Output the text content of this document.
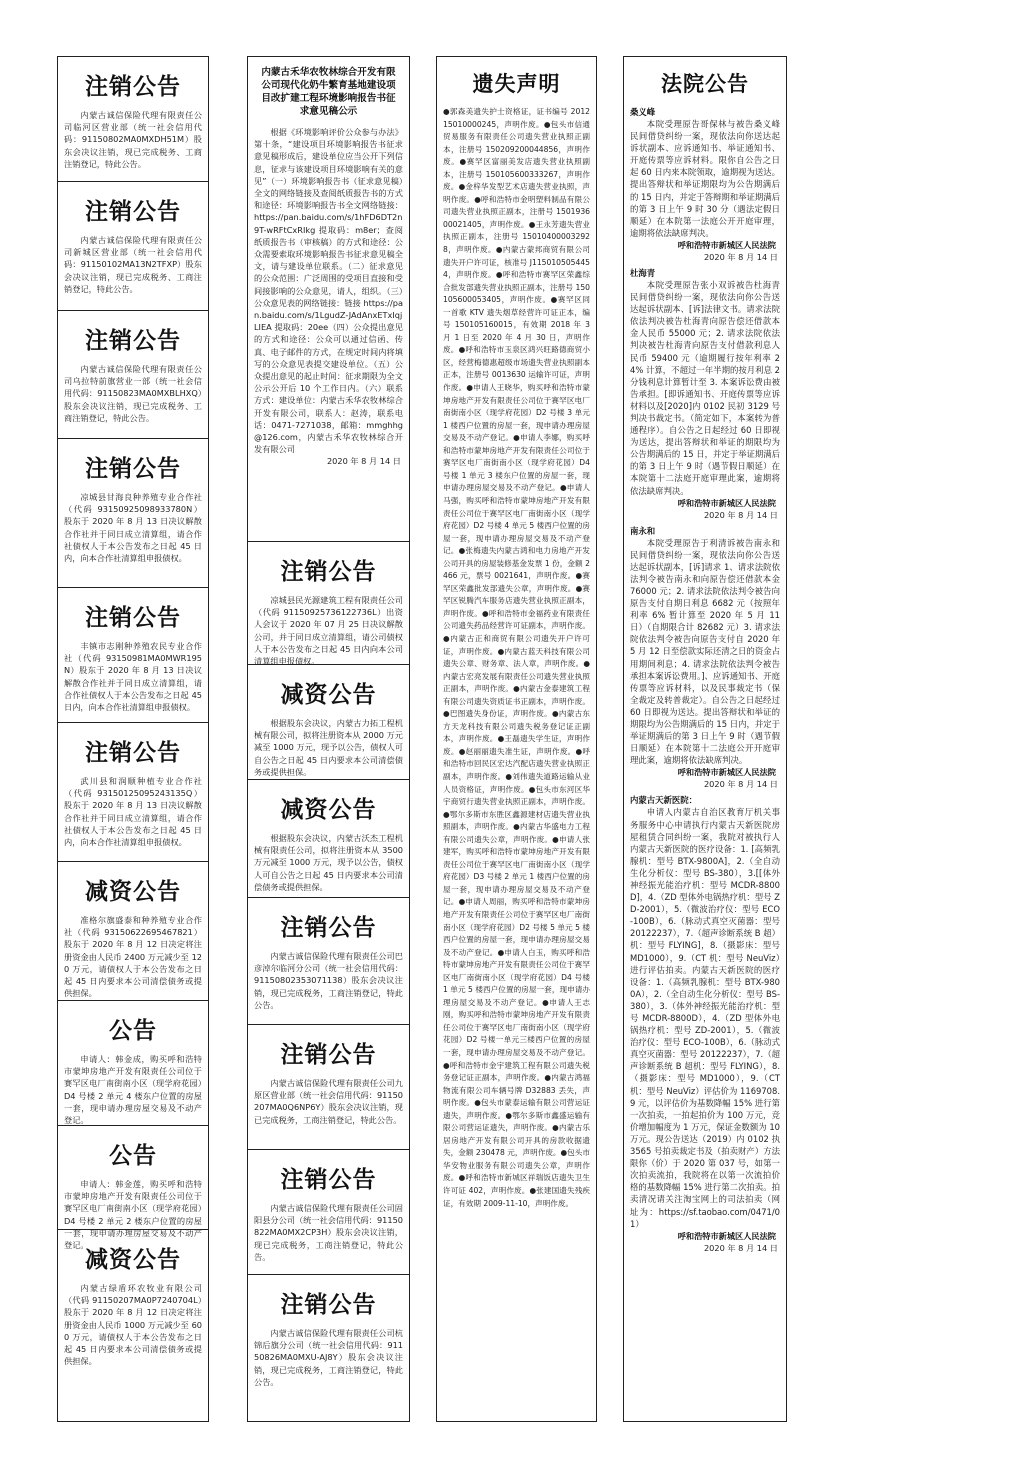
注销公告
内蒙古诚信保险代理有限责任公司临河区营业部（统一社会信用代码：91150802MA0MXDH51M）股东会决议注销，现已完成税务、工商注销登记，特此公告。
注销公告
内蒙古诚信保险代理有限责任公司新城区营业部（统一社会信用代码：91150102MA13N2TFXP）股东会决议注销，现已完成税务、工商注销登记，特此公告。
注销公告
内蒙古诚信保险代理有限责任公司乌拉特前旗营业一部（统一社会信用代码：91150823MA0MXBLHXQ）股东会决议注销，现已完成税务、工商注销登记，特此公告。
注销公告
凉城县甘海良种养殖专业合作社（代码 93150925098933780N）股东于 2020 年 8 月 13 日决议解散合作社并于同日成立清算组，请合作社债权人于本公告发布之日起 45 日内，向本合作社清算组申报债权。
注销公告
丰镇市志刚种养殖农民专业合作社（代码 93150981MA0MWR195N）股东于 2020 年 8 月 13 日决议解散合作社并于同日成立清算组，请合作社债权人于本公告发布之日起 45 日内，向本合作社清算组申报债权。
注销公告
武川县和润顺种植专业合作社（代码 93150125095243135Q）股东于 2020 年 8 月 13 日决议解散合作社并于同日成立清算组，请合作社债权人于本公告发布之日起 45 日内，向本合作社清算组申报债权。
减资公告
准格尔旗盛泰和种养殖专业合作社（代码 93150622695467821）股东于 2020 年 8 月 12 日决定将注册资金由人民币 2400 万元减少至 120 万元，请债权人于本公告发布之日起 45 日内要求本公司清偿债务或提供担保。
公告
申请人：韩金成，购买呼和浩特市蒙坤房地产开发有限责任公司位于赛罕区电厂南街南小区（现学府花园）D4 号楼 2 单元 4 楼东户位置的房屋一套，现申请办理房屋交易及不动产登记。
公告
申请人：韩金莲，购买呼和浩特市蒙坤房地产开发有限责任公司位于赛罕区电厂南街南小区（现学府花园）D4 号楼 2 单元 2 楼东户位置的房屋一套，现申请办理房屋交易及不动产登记。
减资公告
内蒙古绿盾环农牧业有限公司（代码 91150207MA0P7240704L）股东于 2020 年 8 月 12 日决定将注册资金由人民币 1000 万元减少至 600 万元，请债权人于本公告发布之日起 45 日内要求本公司清偿债务或提供担保。
内蒙古禾华农牧林综合开发有限公司现代化奶牛繁育基地建设项目改扩建工程环境影响报告书征求意见稿公示
根据《环境影响评价公众参与办法》第十条，“建设项目环境影响报告书征求意见稿形成后，建设单位应当公开下列信息，征求与该建设项目环境影响有关的意见”（一）环境影响报告书（征求意见稿）全文的网络链接及查阅纸质报告书的方式和途径：环境影响报告书全文网络链接：https://pan.baidu.com/s/1hFD6DT2n9T-wRFtCxRIkg 提取码：m8er；查阅纸质报告书（审核稿）的方式和途径：公众需要索取环境影响报告书征求意见稿全文，请与建设单位联系。（二）征求意见的公众范围：广泛周围的受项目直接和受间接影响的公众意见，请人，组织。（三）公众意见表的网络链接：链接 https://pan.baidu.com/s/1LgudZ-JAdAnxETxIqjLIEA 提取码：20ee（四）公众提出意见的方式和途径：公众可以通过信函、传真、电子邮件的方式，在规定时间内将填写的公众意见表提交建设单位。（五）公众提出意见的起止时间：征求期限为全文公示公开后 10 个工作日内。（六）联系方式：建设单位：内蒙古禾华农牧林综合开发有限公司，联系人：赵涛，联系电话：0471-7271038，邮箱：mmghhg@126.com，内蒙古禾华农牧林综合开发有限公司
2020 年 8 月 14 日
注销公告
凉城县民光源建筑工程有限责任公司（代码 91150925736122736L）出资人会议于 2020 年 07 月 25 日决议解散公司，并于同日成立清算组，请公司债权人于本公告发布之日起 45 日内向本公司清算组申报债权。
减资公告
根据股东会决议，内蒙古力拓工程机械有限公司，拟将注册资本从 2000 万元减至 1000 万元，现予以公告，债权人可自公告之日起 45 日内要求本公司清偿债务或提供担保。
减资公告
根据股东会决议，内蒙古沃杰工程机械有限责任公司，拟将注册资本从 3500 万元减至 1000 万元，现予以公告，债权人可自公告之日起 45 日内要求本公司清偿债务或提供担保。
注销公告
内蒙古诚信保险代理有限责任公司巴彦淖尔临河分公司（统一社会信用代码：91150802353071138）股东会决议注销，现已完成税务，工商注销登记，特此公告。
注销公告
内蒙古诚信保险代理有限责任公司九原区营业部（统一社会信用代码：91150207MA0Q6NP6Y）股东会决议注销，现已完成税务，工商注销登记，特此公告。
注销公告
内蒙古诚信保险代理有限责任公司固阳县分公司（统一社会信用代码：91150822MA0MX2CP3H）股东会决议注销，现已完成税务，工商注销登记，特此公告。
注销公告
内蒙古诚信保险代理有限责任公司杭锦后旗分公司（统一社会信用代码：91150826MA0MXU-AJ8Y）股东会决议注销，现已完成税务，工商注销登记，特此公告。
遗失声明
●郭森美遗失护士资格证，证书编号 201215010000245，声明作废。●包头市信通贸易服务有限责任公司遗失营业执照正副本，注册号 150209200044856，声明作废。●赛罕区富丽美发店遗失营业执照副本，注册号 150105600333267，声明作废。●金梓华发型艺术店遗失营业执照，声明作废。●呼和浩特市金明塑料制品有限公司遗失营业执照正副本，注册号 150193600021405，声明作废。●王永芳遗失营业执照正副本，注册号 150104000032928，声明作废。●内蒙古蒙邦商贸有限公司遗失开户许可证，核准号 J1150105054454，声明作废。●呼和浩特市赛罕区荣鑫综合批发部遗失营业执照正副本，注册号 150105600053405，声明作废。●赛罕区同一首歌 KTV 遗失烟草经营许可证正本，编号 150105160015，有效期 2018 年 3 月 1 日至 2020 年 4 月 30 日，声明作废。●呼和浩特市玉泉区鸿兴旺路德商贸小区，经营梅德惠超级市场遗失营业执照副本正本，注册号 0013630 运输许可证，声明作废。●申请人王晓华，购买呼和浩特市蒙坤房地产开发有限责任公司位于赛罕区电厂南街南小区（现学府花园）D2 号楼 3 单元 1 楼西户位置的房屋一套，现申请办理房屋交易及不动产登记。●申请人李娜，购买呼和浩特市蒙坤房地产开发有限责任公司位于赛罕区电厂南街南小区（现学府花园）D4 号楼 1 单元 3 楼东户位置的房屋一套，现申请办理房屋交易及不动产登记。●申请人马强，购买呼和浩特市蒙坤房地产开发有限责任公司位于赛罕区电厂南街南小区（现学府花园）D2 号楼 4 单元 5 楼西户位置的房屋一套，现申请办理房屋交易及不动产登记。●张梅遗失内蒙古鸿和电力房地产开发公司开具的房屋装修基金发票 1 份，金额 2466 元，票号 0021641，声明作废。●赛罕区荣鑫批发部遗失公章，声明作废。●赛罕区锐腾汽车服务店遗失营业执照正副本，声明作废。●呼和浩特市金福药业有限责任公司遗失药品经营许可证副本，声明作废。●内蒙古正和商贸有限公司遗失开户许可证，声明作废。●内蒙古蓝天科技有限公司遗失公章、财务章、法人章，声明作废。●内蒙古宏亮发展有限责任公司遗失营业执照正副本，声明作废。●内蒙古金泰建筑工程有限公司遗失资质证书正副本，声明作废。●巴图遗失身份证，声明作废。●内蒙古东方天龙科技有限公司遗失税务登记证正副本，声明作废。●王磊遗失学生证，声明作废。●赵丽丽遗失准生证，声明作废。●呼和浩特市回民区宏达汽配店遗失营业执照正副本，声明作废。●刘伟遗失道路运输从业人员资格证，声明作废。●包头市东河区华宇商贸行遗失营业执照正副本，声明作废。●鄂尔多斯市东胜区鑫源建材店遗失营业执照副本，声明作废。●内蒙古华盛电力工程有限公司遗失公章，声明作废。●申请人张建军，购买呼和浩特市蒙坤房地产开发有限责任公司位于赛罕区电厂南街南小区（现学府花园）D3 号楼 2 单元 1 楼西户位置的房屋一套，现申请办理房屋交易及不动产登记。●申请人周丽，购买呼和浩特市蒙坤房地产开发有限责任公司位于赛罕区电厂南街南小区（现学府花园）D2 号楼 5 单元 5 楼西户位置的房屋一套，现申请办理房屋交易及不动产登记。●申请人白玉，购买呼和浩特市蒙坤房地产开发有限责任公司位于赛罕区电厂南街南小区（现学府花园）D4 号楼 1 单元 5 楼西户位置的房屋一套，现申请办理房屋交易及不动产登记。●申请人王志刚，购买呼和浩特市蒙坤房地产开发有限责任公司位于赛罕区电厂南街南小区（现学府花园）D2 号楼一单元三楼西户位置的房屋一套，现申请办理房屋交易及不动产登记。●呼和浩特市金宇建筑工程有限公司遗失税务登记证正副本，声明作废。●内蒙古鸿福物流有限公司车辆号牌 D32883 丢失，声明作废。●包头市蒙泰运输有限公司营运证遗失，声明作废。●鄂尔多斯市鑫盛运输有限公司营运证遗失，声明作废。●内蒙古乐居房地产开发有限公司开具的房款收据遗失，金额 230478 元，声明作废。●包头市华安物业服务有限公司遗失公章，声明作废。●呼和浩特市新城区祥瑞饭店遗失卫生许可证 402，声明作废。●张建国遗失残疾证，有效期 2009-11-10，声明作废。
法院公告
桑义峰
本院受理原告哥保林与被告桑义峰民间借贷纠纷一案，现依法向你送达起诉状副本、应诉通知书、举证通知书、开庭传票等应诉材料。限你自公告之日起 60 日内来本院领取，逾期视为送达。提出答辩状和举证期限均为公告期满后的 15 日内，并定于答辩期和举证期满后的第 3 日上午 9 时 30 分（遇法定假日顺延）在本院第一法庭公开开庭审理，逾期将依法缺席判决。
呼和浩特市新城区人民法院
2020 年 8 月 14 日
杜海青
本院受理原告张小双诉被告杜海青民间借贷纠纷一案，现依法向你公告送达起诉状副本、[诉]法律文书。请求法院依法判决被告杜海青向原告偿还借款本金人民币 55000 元；2. 请求法院依法判决被告杜海青向原告支付借款利息人民币 59400 元（逾期履行按年利率 24% 计算，不超过一年半期的按月利息 2 分钱利息计算暂计至 3. 本案诉讼费由被告承担。[即诉通知书、开庭传票等应诉材料以及[2020]内 0102 民初 3129 号判决书裁定书。（简定如下，本案转为普通程序）。自公告之日起经过 60 日即视为送达，提出答辩状和举证的期限均为公告期满后的 15 日，并定于举证期满后的第 3 日上午 9 时（遇节假日顺延）在本院第十二法庭开庭审理此案，逾期将依法缺席判决。
呼和浩特市新城区人民法院
2020 年 8 月 14 日
南永和
本院受理原告于利清诉被告南永和民间借贷纠纷一案，现依法向你公告送达起诉状副本，[诉]请求 1、请求法院依法判令被告南永和向原告偿还借款本金 76000 元；2. 请求法院依法判令被告向原告支付自期日利息 6682 元（按照年利率 6% 暂计算至 2020 年 5 月 11 日）（自期限合计 82682 元）3. 请求法院依法判令被告向原告支付自 2020 年 5 月 12 日至偿款实际还清之日的资金占用期间利息；4. 请求法院依法判令被告承担本案诉讼费用。]、应诉通知书、开庭传票等应诉材料，以及民事裁定书（保全裁定及转普裁定）。自公告之日起经过 60 日即视为送达。提出答辩状和举证的期限均为公告期满后的 15 日内，并定于举证期满后的第 3 日上午 9 时（遇节假日顺延）在本院第十二法庭公开开庭审理此案，逾期将依法缺席判决。
呼和浩特市新城区人民法院
2020 年 8 月 14 日
内蒙古天新医院：
申请人内蒙古自治区教育厅机关事务服务中心申请执行内蒙古天新医院房屋租赁合同纠纷一案，我院对被执行人内蒙古天新医院的医疗设备：1. [高频乳腺机：型号 BTX-9800A]，2.（全自动生化分析仪：型号 BS-380），3.[[体外神经振光能治疗机：型号 MCDR-8800D]，4.（ZD 型体外电锅热疗机：型号 ZD-2001），5.（微波治疗仪：型号 ECO-100B），6.（脉动式真空灭菌器：型号 20122237），7.（超声诊断系统 B 超）机：型号 FLYING]，8.（摄影床：型号 MD1000），9.（CT 机：型号 NeuViz）进行评估拍卖。内蒙古天新医院的医疗设备：1.（高频乳腺机：型号 BTX-9800A），2.（全自动生化分析仪：型号 BS-380），3.（体外神经振光能治疗机：型号 MCDR-8800D），4.（ZD 型体外电锅热疗机：型号 ZD-2001），5.（微波治疗仪：型号 ECO-100B），6.（脉动式真空灭菌器：型号 20122237），7.（超声诊断系统 B 超机：型号 FLYING），8.（摄影床：型号 MD1000），9.（CT 机：型号 NeuViz）评估价为 1169708.9 元，以评估价为基数降幅 15% 进行第一次拍卖，一拍起拍价为 100 万元，竞价增加幅度为 1 万元，保证金数额为 10 万元。现公告送达（2019）内 0102 执 3565 号拍卖裁定书及（拍卖财产）方法限你（价）于 2020 第 037 号，如第一次拍卖流拍，我院将在以第一次流拍价格的基数降幅 15% 进行第二次拍卖。拍卖清况请关注淘宝网上的司法拍卖（网址为：https://sf.taobao.com/0471/01）
呼和浩特市新城区人民法院
2020 年 8 月 14 日
